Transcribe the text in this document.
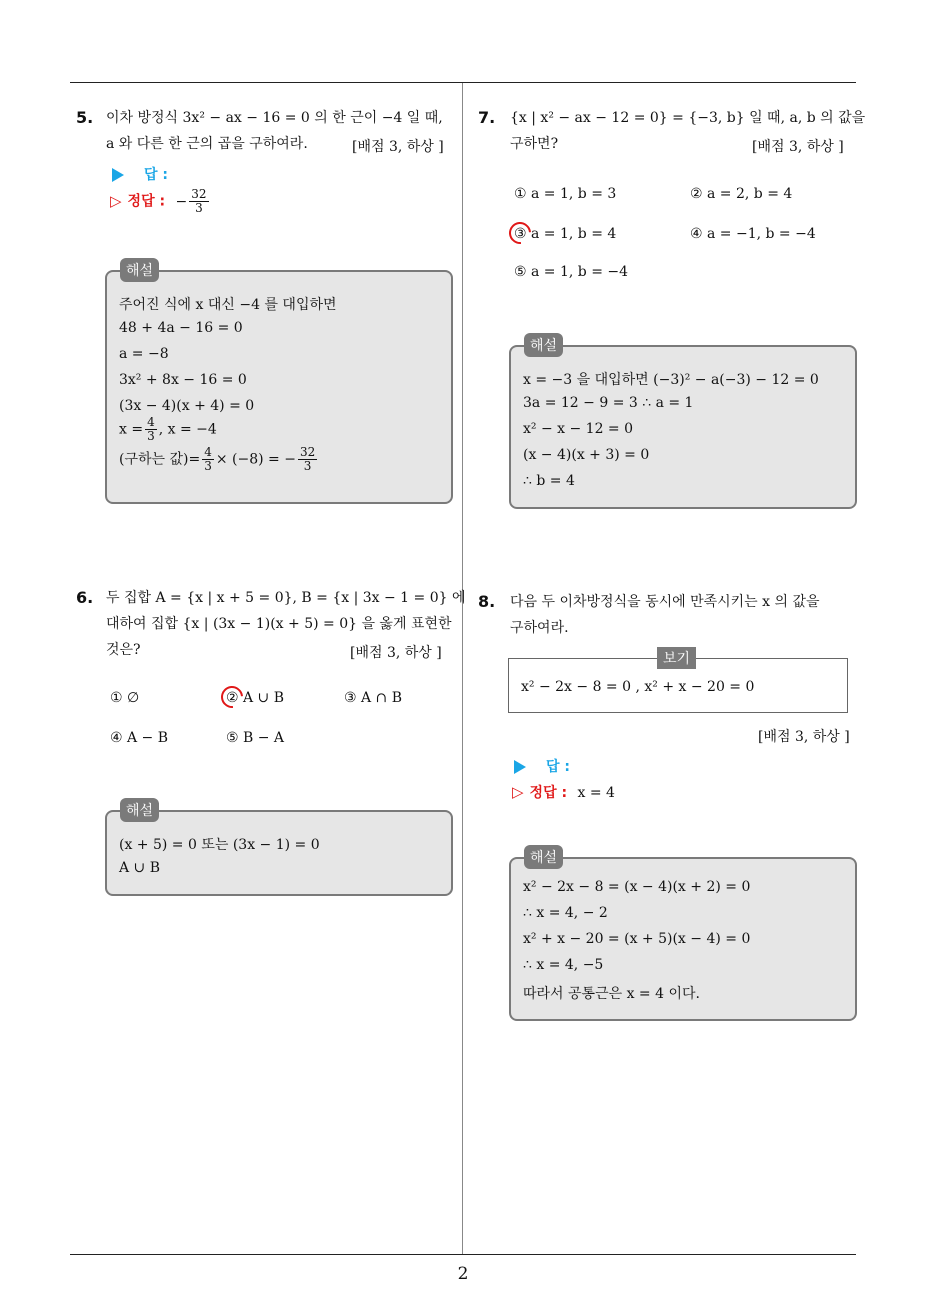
5. 이차 방정식 3x² − ax − 16 = 0 의 한 근이 −4 일 때,
a 와 다른 한 근의 곱을 구하여라.	[배점 3, 하상 ]
답 :
▷ 정답 : − $\frac{32}{3}$
주어진 식에 x 대신 −4 를 대입하면
48 + 4a − 16 = 0
a = −8
3x² + 8x − 16 = 0
(3x − 4)(x + 4) = 0
$x = \frac{4}{3}$ , x = −4
(구하는 값)= $\frac{4}{3} \times (-8)$ = − $\frac{32}{3}$
해설
6. 두 집합 A = {x | x + 5 = 0}, B = {x | 3x − 1 = 0} 에
대하여 집합 {x | (3x − 1)(x + 5) = 0} 을 옳게 표현한
것은?	[배점 3, 하상 ]
① ∅	② A ∪ B	③ A ∩ B
④ A − B	⑤ B − A
(x + 5) = 0 또는 (3x − 1) = 0
A ∪ B
해설
7. {x | x² − ax − 12 = 0} = {−3, b} 일 때, a, b 의 값을
구하면?	[배점 3, 하상 ]
① a = 1, b = 3	② a = 2, b = 4
③ a = 1, b = 4	④ a = −1, b = −4
⑤ a = 1, b = −4
x = −3 을 대입하면 (−3)² − a(−3) − 12 = 0
3a = 12 − 9 = 3 ∴ a = 1
x² − x − 12 = 0
(x − 4)(x + 3) = 0
∴ b = 4
해설
8. 다음 두 이차방정식을 동시에 만족시키는 x 의 값을
구하여라.
x² − 2x − 8 = 0 , x² + x − 20 = 0
보기
[배점 3, 하상 ]
답 :
▷ 정답 : x = 4
x² − 2x − 8 = (x − 4)(x + 2) = 0
∴ x = 4, − 2
x² + x − 20 = (x + 5)(x − 4) = 0
∴ x = 4, −5
따라서 공통근은 x = 4 이다.
해설
2
